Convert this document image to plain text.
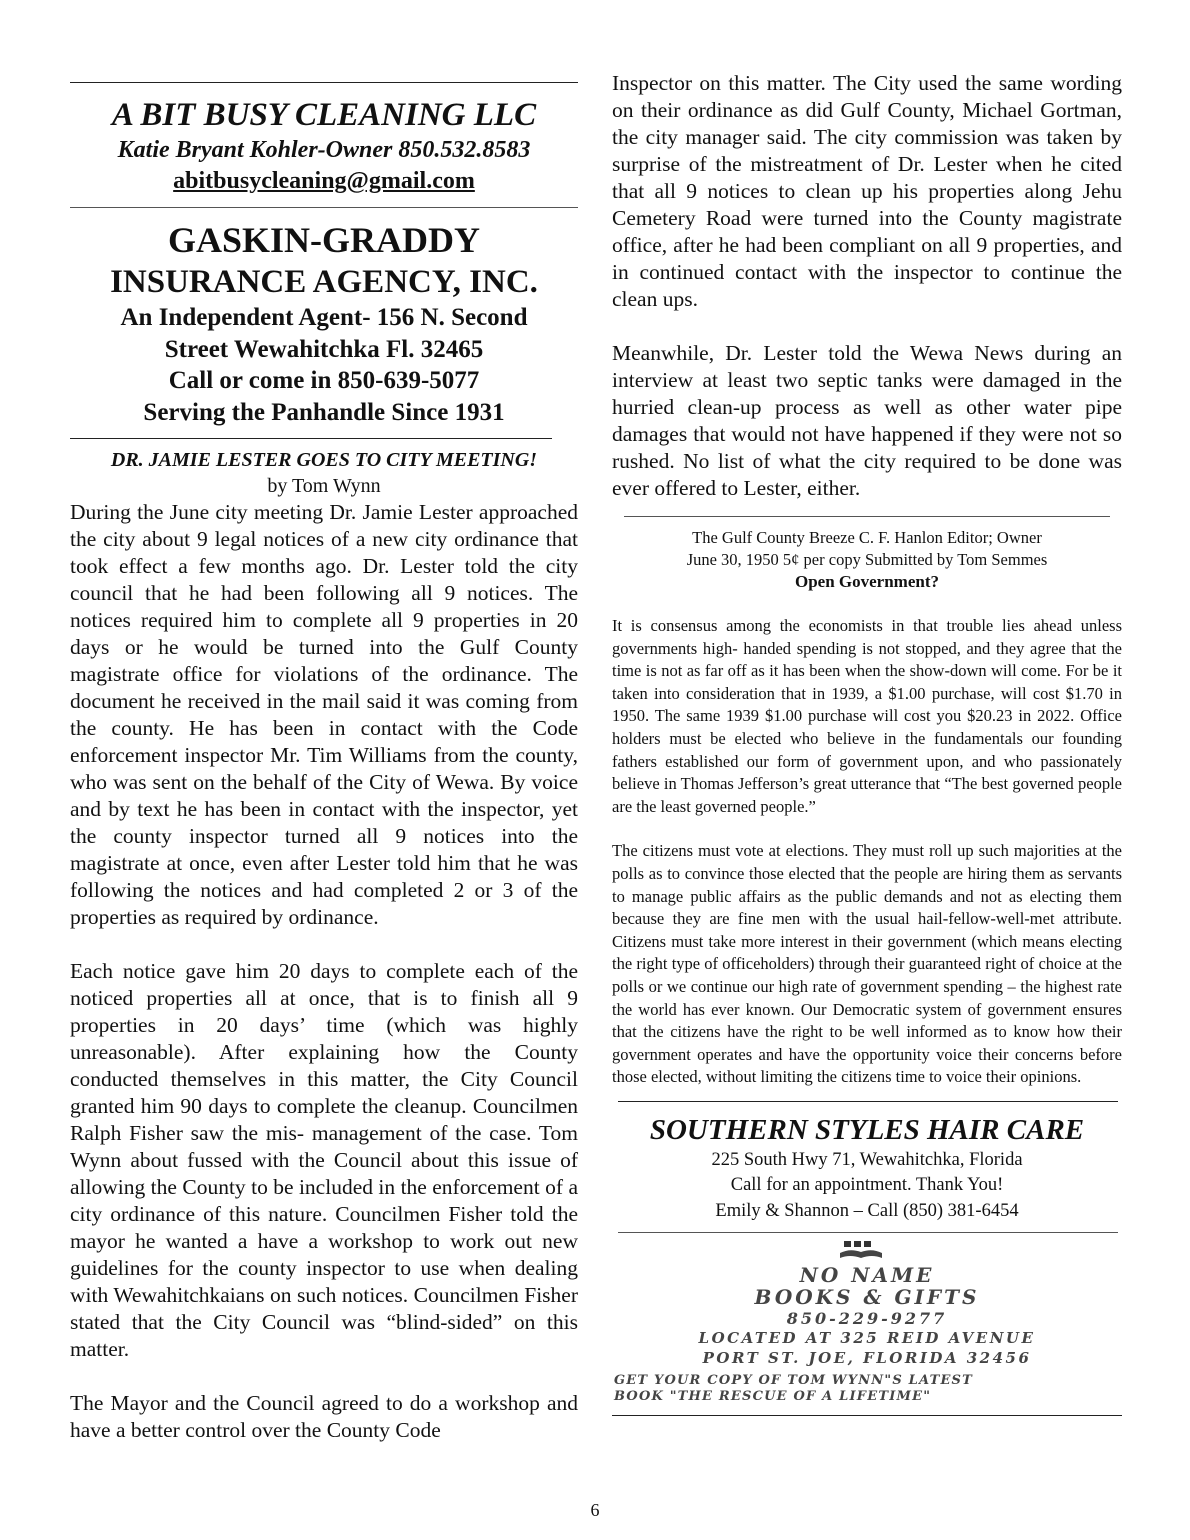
A BIT BUSY CLEANING LLC
Katie Bryant Kohler-Owner 850.532.8583
abitbusycleaning@gmail.com
GASKIN-GRADDY
INSURANCE AGENCY, INC.
An Independent Agent- 156 N. Second
Street Wewahitchka Fl. 32465
Call or come in 850-639-5077
Serving the Panhandle Since 1931
DR. JAMIE LESTER GOES TO CITY MEETING!
by Tom Wynn

During the June city meeting Dr. Jamie Lester approached the city about 9 legal notices of a new city ordinance that took effect a few months ago. Dr. Lester told the city council that he had been following all 9 notices. The notices required him to complete all 9 properties in 20 days or he would be turned into the Gulf County magistrate office for violations of the ordinance. The document he received in the mail said it was coming from the county. He has been in contact with the Code enforcement inspector Mr. Tim Williams from the county, who was sent on the behalf of the City of Wewa. By voice and by text he has been in contact with the inspector, yet the county inspector turned all 9 notices into the magistrate at once, even after Lester told him that he was following the notices and had completed 2 or 3 of the properties as required by ordinance.

Each notice gave him 20 days to complete each of the noticed properties all at once, that is to finish all 9 properties in 20 days’ time (which was highly unreasonable). After explaining how the County conducted themselves in this matter, the City Council granted him 90 days to complete the cleanup. Councilmen Ralph Fisher saw the mis- management of the case. Tom Wynn about fussed with the Council about this issue of allowing the County to be included in the enforcement of a city ordinance of this nature. Councilmen Fisher told the mayor he wanted a have a workshop to work out new guidelines for the county inspector to use when dealing with Wewahitchkaians on such notices. Councilmen Fisher stated that the City Council was “blind-sided” on this matter.

The Mayor and the Council agreed to do a workshop and have a better control over the County Code

Inspector on this matter. The City used the same wording on their ordinance as did Gulf County, Michael Gortman, the city manager said. The city commission was taken by surprise of the mistreatment of Dr. Lester when he cited that all 9 notices to clean up his properties along Jehu Cemetery Road were turned into the County magistrate office, after he had been compliant on all 9 properties, and in continued contact with the inspector to continue the clean ups.

Meanwhile, Dr. Lester told the Wewa News during an interview at least two septic tanks were damaged in the hurried clean-up process as well as other water pipe damages that would not have happened if they were not so rushed. No list of what the city required to be done was ever offered to Lester, either.

The Gulf County Breeze C. F. Hanlon Editor; Owner
June 30, 1950 5¢ per copy Submitted by Tom Semmes
Open Government?

It is consensus among the economists in that trouble lies ahead unless governments high- handed spending is not stopped, and they agree that the time is not as far off as it has been when the show-down will come. For be it taken into consideration that in 1939, a $1.00 purchase, will cost $1.70 in 1950. The same 1939 $1.00 purchase will cost you $20.23 in 2022. Office holders must be elected who believe in the fundamentals our founding fathers established our form of government upon, and who passionately believe in Thomas Jefferson’s great utterance that “The best governed people are the least governed people.”

The citizens must vote at elections. They must roll up such majorities at the polls as to convince those elected that the people are hiring them as servants to manage public affairs as the public demands and not as electing them because they are fine men with the usual hail-fellow-well-met attribute. Citizens must take more interest in their government (which means electing the right type of officeholders) through their guaranteed right of choice at the polls or we continue our high rate of government spending – the highest rate the world has ever known. Our Democratic system of government ensures that the citizens have the right to be well informed as to know how their government operates and have the opportunity voice their concerns before those elected, without limiting the citizens time to voice their opinions.

SOUTHERN STYLES HAIR CARE
225 South Hwy 71, Wewahitchka, Florida
Call for an appointment. Thank You!
Emily & Shannon – Call (850) 381-6454
NO NAME
BOOKS & GIFTS
850-229-9277
LOCATED AT 325 REID AVENUE
PORT ST. JOE, FLORIDA 32456
GET YOUR COPY OF TOM WYNN"S LATEST
BOOK "THE RESCUE OF A LIFETIME"
6
